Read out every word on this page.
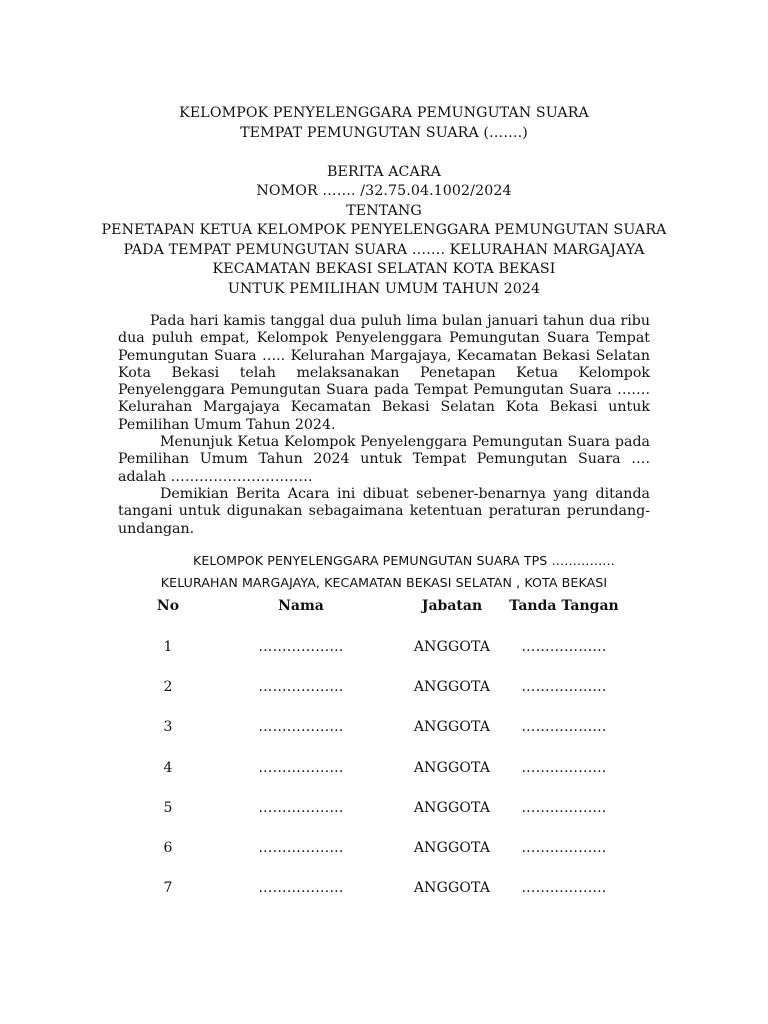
KELOMPOK PENYELENGGARA PEMUNGUTAN SUARA
TEMPAT PEMUNGUTAN SUARA (…….)
BERITA ACARA
NOMOR ……. /32.75.04.1002/2024
TENTANG
PENETAPAN KETUA KELOMPOK PENYELENGGARA PEMUNGUTAN SUARA
PADA TEMPAT PEMUNGUTAN SUARA ……. KELURAHAN MARGAJAYA
KECAMATAN BEKASI SELATAN KOTA BEKASI
UNTUK PEMILIHAN UMUM TAHUN 2024

Pada hari kamis tanggal dua puluh lima bulan januari tahun dua ribu dua puluh empat, Kelompok Penyelenggara Pemungutan Suara Tempat Pemungutan Suara ….. Kelurahan Margajaya, Kecamatan Bekasi Selatan Kota Bekasi telah melaksanakan Penetapan Ketua Kelompok Penyelenggara Pemungutan Suara pada Tempat Pemungutan Suara ……. Kelurahan Margajaya Kecamatan Bekasi Selatan Kota Bekasi untuk Pemilihan Umum Tahun 2024.

Menunjuk Ketua Kelompok Penyelenggara Pemungutan Suara pada Pemilihan Umum Tahun 2024 untuk Tempat Pemungutan Suara …. adalah …………………………

Demikian Berita Acara ini dibuat sebener-benarnya yang ditanda tangani untuk digunakan sebagaimana ketentuan peraturan perundang-undangan.

KELOMPOK PENYELENGGARA PEMUNGUTAN SUARA TPS ……………
KELURAHAN MARGAJAYA, KECAMATAN BEKASI SELATAN , KOTA BEKASI
No	Nama	Jabatan	Tanda Tangan
1	………………	ANGGOTA	………………
2	………………	ANGGOTA	………………
3	………………	ANGGOTA	………………
4	………………	ANGGOTA	………………
5	………………	ANGGOTA	………………
6	………………	ANGGOTA	………………
7	………………	ANGGOTA	………………
